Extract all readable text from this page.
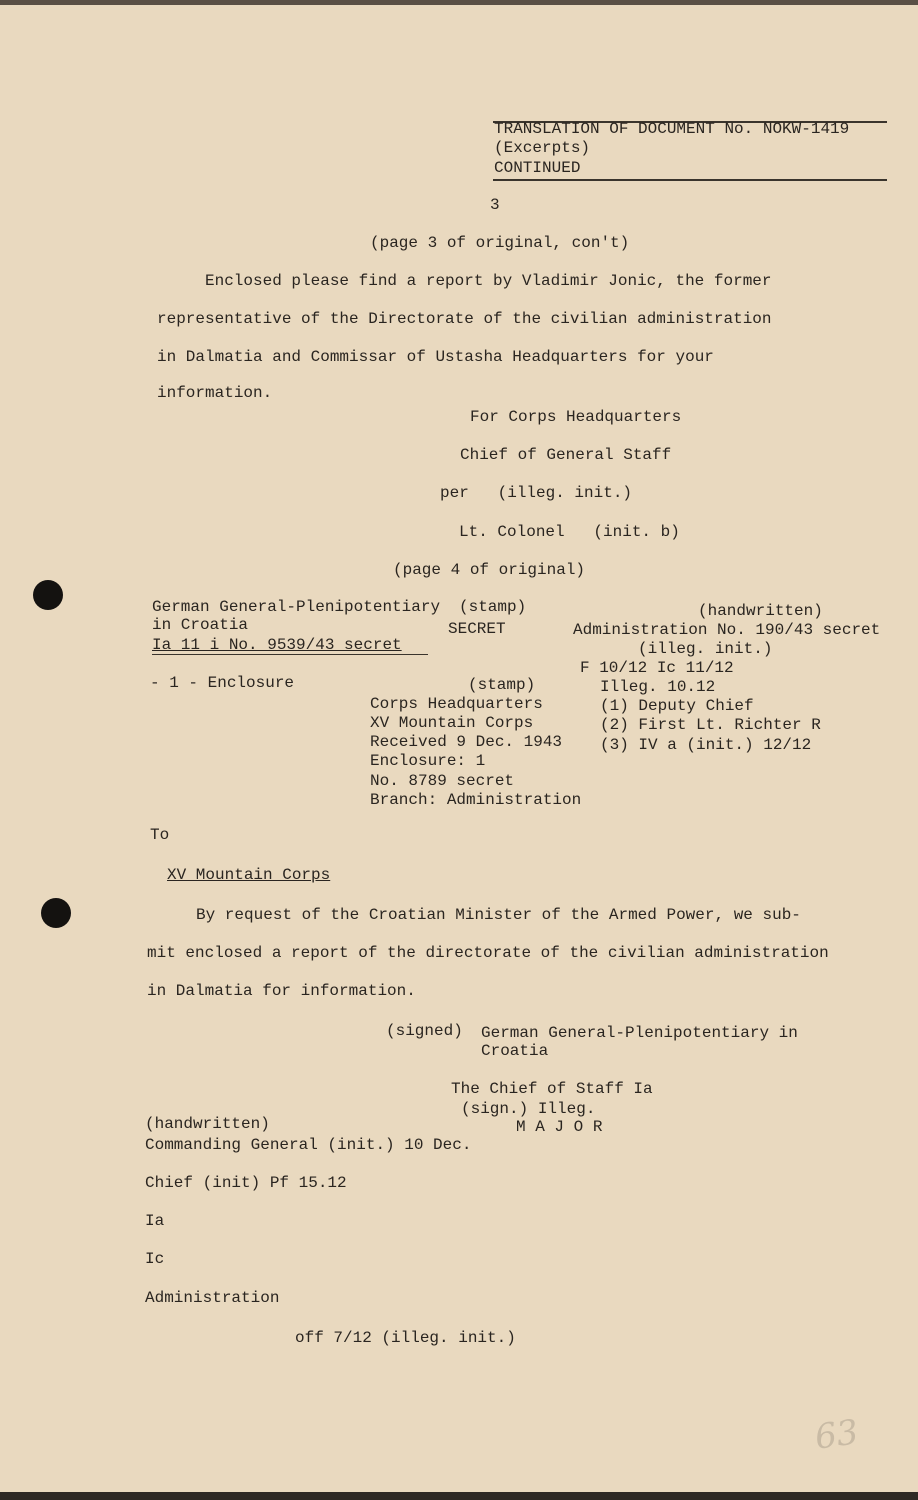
TRANSLATION OF DOCUMENT No. NOKW-1419
(Excerpts)
CONTINUED
3
(page 3 of original, con't)
Enclosed please find a report by Vladimir Jonic, the former
representative of the Directorate of the civilian administration
in Dalmatia and Commissar of Ustasha Headquarters for your
information.
For Corps Headquarters
Chief of General Staff
per   (illeg. init.)
Lt. Colonel   (init. b)
(page 4 of original)
German General-Plenipotentiary
in Croatia
Ia 11 i No. 9539/43 secret
(stamp)
SECRET
(handwritten)
Administration No. 190/43 secret
(illeg. init.)
F 10/12 Ic 11/12
Illeg. 10.12
(1) Deputy Chief
(2) First Lt. Richter R
(3) IV a (init.) 12/12
- 1 - Enclosure	(stamp)
Corps Headquarters
XV Mountain Corps
Received 9 Dec. 1943
Enclosure: 1
No. 8789 secret
Branch: Administration
To
XV Mountain Corps
By request of the Croatian Minister of the Armed Power, we sub-
mit enclosed a report of the directorate of the civilian administration
in Dalmatia for information.
(signed) German General-Plenipotentiary in
Croatia
The Chief of Staff Ia
(sign.) Illeg.
M A J O R
(handwritten)
Commanding General (init.) 10 Dec.
Chief (init) Pf 15.12
Ia
Ic
Administration
off 7/12 (illeg. init.)
63
